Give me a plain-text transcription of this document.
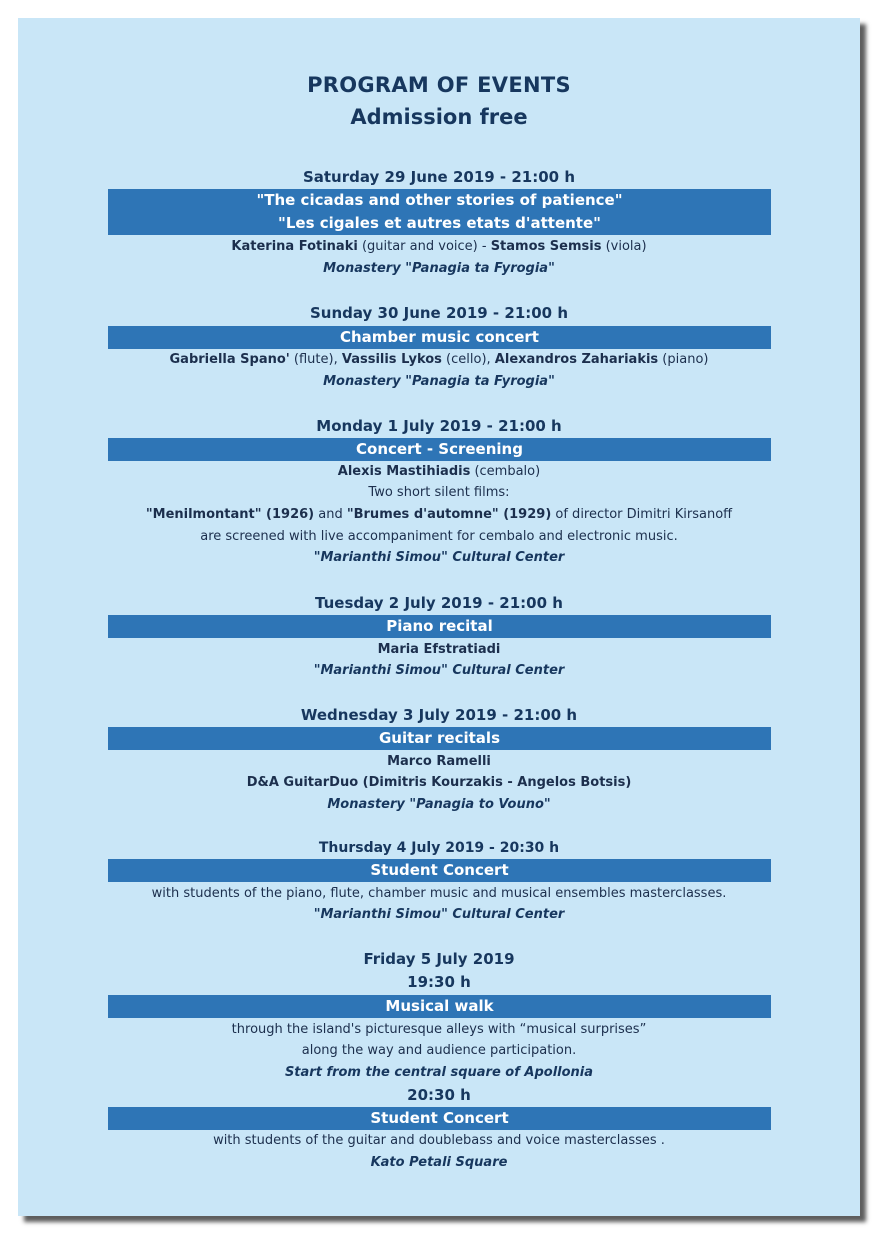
PROGRAM OF EVENTS
Admission free
Saturday 29 June 2019 - 21:00 h
"The cicadas and other stories of patience"
"Les cigales et autres etats d'attente"
Katerina Fotinaki (guitar and voice) - Stamos Semsis (viola)
Monastery "Panagia ta Fyrogia"
Sunday 30 June 2019 - 21:00 h
Chamber music concert
Gabriella Spano' (flute), Vassilis Lykos (cello), Alexandros Zahariakis (piano)
Monastery "Panagia ta Fyrogia"
Monday 1 July 2019 - 21:00 h
Concert - Screening
Alexis Mastihiadis (cembalo)
Two short silent films:
"Menilmontant" (1926) and "Brumes d'automne" (1929) of director Dimitri Kirsanoff
are screened with live accompaniment for cembalo and electronic music.
"Marianthi Simou" Cultural Center
Tuesday 2 July 2019 - 21:00 h
Piano recital
Maria Efstratiadi
"Marianthi Simou" Cultural Center
Wednesday 3 July 2019 - 21:00 h
Guitar recitals
Marco Ramelli
D&A GuitarDuo (Dimitris Kourzakis - Angelos Botsis)
Monastery "Panagia to Vouno"
Thursday 4 July 2019 - 20:30 h
Student Concert
with students of the piano, flute, chamber music and musical ensembles masterclasses.
"Marianthi Simou" Cultural Center
Friday 5 July 2019
19:30 h
Musical walk
through the island's picturesque alleys with “musical surprises”
along the way and audience participation.
Start from the central square of Apollonia
20:30 h
Student Concert
with students of the guitar and doublebass and voice masterclasses .
Kato Petali Square
